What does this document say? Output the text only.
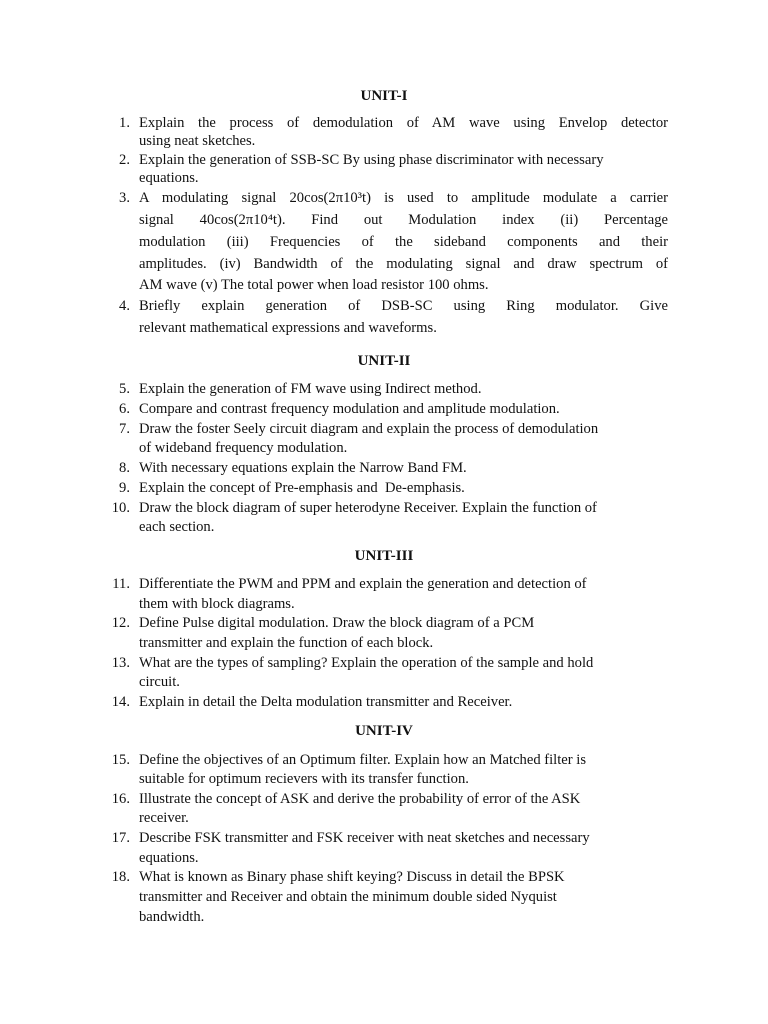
UNIT-I
1. Explain the process of demodulation of AM wave using Envelop detector
using neat sketches.
2. Explain the generation of SSB-SC By using phase discriminator with necessary
equations.
3. A modulating signal 20cos(2π10³t) is used to amplitude modulate a carrier
signal 40cos(2π10⁴t). Find out Modulation index (ii) Percentage
modulation (iii) Frequencies of the sideband components and their
amplitudes. (iv) Bandwidth of the modulating signal and draw spectrum of
AM wave (v) The total power when load resistor 100 ohms.
4. Briefly explain generation of DSB-SC using Ring modulator. Give
relevant mathematical expressions and waveforms.
UNIT-II
5. Explain the generation of FM wave using Indirect method.
6. Compare and contrast frequency modulation and amplitude modulation.
7. Draw the foster Seely circuit diagram and explain the process of demodulation
of wideband frequency modulation.
8. With necessary equations explain the Narrow Band FM.
9. Explain the concept of Pre-emphasis and  De-emphasis.
10. Draw the block diagram of super heterodyne Receiver. Explain the function of
each section.
UNIT-III
11. Differentiate the PWM and PPM and explain the generation and detection of
them with block diagrams.
12. Define Pulse digital modulation. Draw the block diagram of a PCM
transmitter and explain the function of each block.
13. What are the types of sampling? Explain the operation of the sample and hold
circuit.
14. Explain in detail the Delta modulation transmitter and Receiver.
UNIT-IV
15. Define the objectives of an Optimum filter. Explain how an Matched filter is
suitable for optimum recievers with its transfer function.
16. Illustrate the concept of ASK and derive the probability of error of the ASK
receiver.
17. Describe FSK transmitter and FSK receiver with neat sketches and necessary
equations.
18. What is known as Binary phase shift keying? Discuss in detail the BPSK
transmitter and Receiver and obtain the minimum double sided Nyquist
bandwidth.
